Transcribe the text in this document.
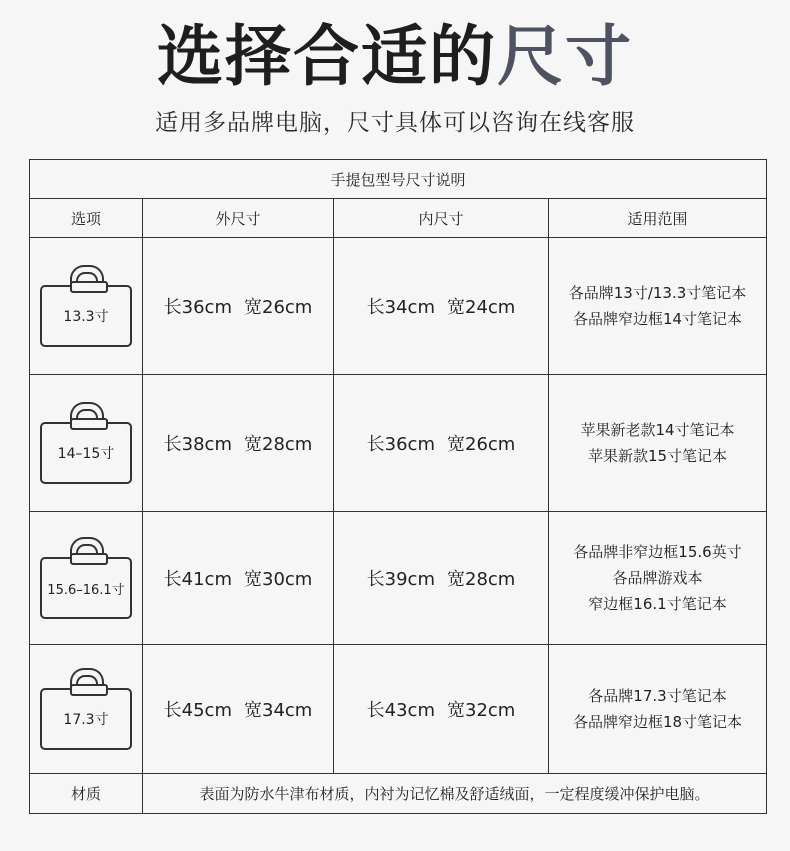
选择合适的尺寸
适用多品牌电脑，尺寸具体可以咨询在线客服
手提包型号尺寸说明			
选项	外尺寸	内尺寸	适用范围

13.3寸	长36cm 宽26cm	长34cm 宽24cm	各品牌13寸/13.3寸笔记本
各品牌窄边框14寸笔记本

14–15寸	长38cm 宽28cm	长36cm 宽26cm	苹果新老款14寸笔记本
苹果新款15寸笔记本

15.6–16.1寸	长41cm 宽30cm	长39cm 宽28cm	各品牌非窄边框15.6英寸
各品牌游戏本
窄边框16.1寸笔记本

17.3寸	长45cm 宽34cm	长43cm 宽32cm	各品牌17.3寸笔记本
各品牌窄边框18寸笔记本

材质	表面为防水牛津布材质，内衬为记忆棉及舒适绒面，一定程度缓冲保护电脑。		
